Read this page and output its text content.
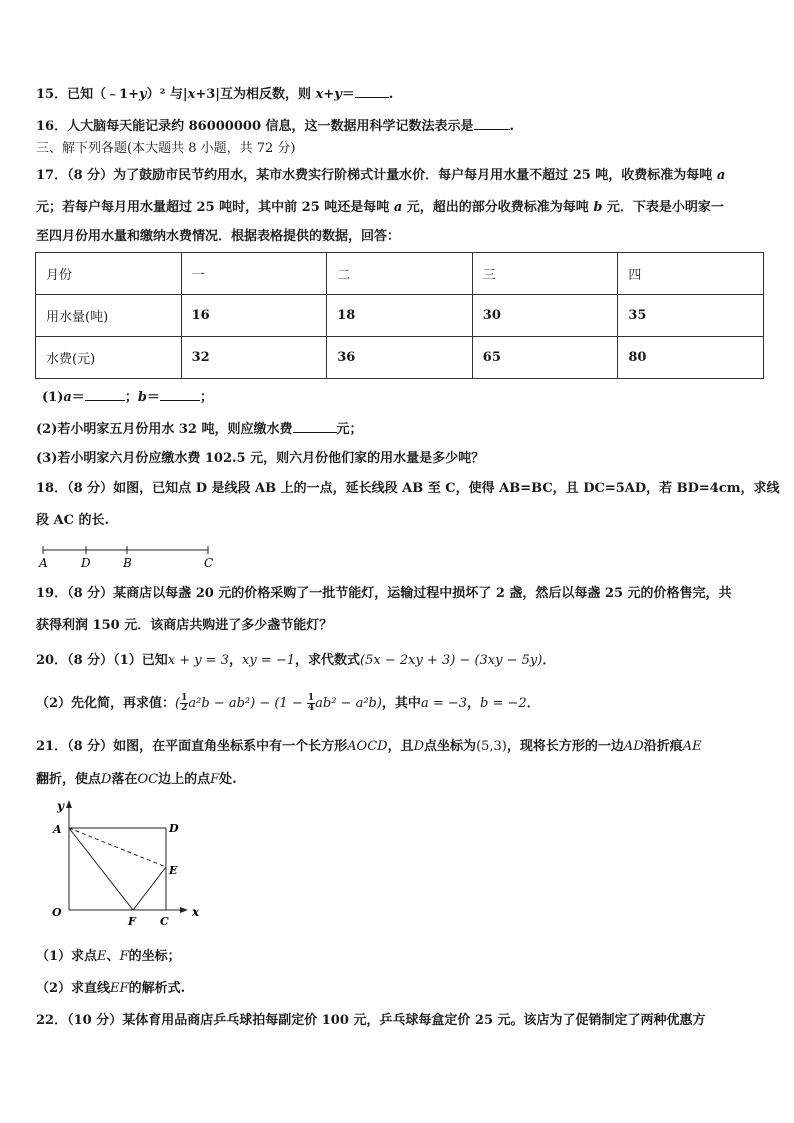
15．已知（﹣1+y）² 与|x+3|互为相反数，则 x+y＝	.
16．人大脑每天能记录约 86000000 信息，这一数据用科学记数法表示是	.
三、解下列各题(本大题共 8 小题，共 72 分)
17．（8 分）为了鼓励市民节约用水，某市水费实行阶梯式计量水价．每户每月用水量不超过 25 吨，收费标准为每吨 a
元；若每户每月用水量超过 25 吨时，其中前 25 吨还是每吨 a 元，超出的部分收费标准为每吨 b 元．下表是小明家一
至四月份用水量和缴纳水费情况．根据表格提供的数据，回答：
月份	一	二	三	四
用水量(吨)	16	18	30	35
水费(元)	32	36	65	80
(1)a＝	；b＝	；
(2)若小明家五月份用水 32 吨，则应缴水费	元；
(3)若小明家六月份应缴水费 102.5 元，则六月份他们家的用水量是多少吨？
18．（8 分）如图，已知点 D 是线段 AB 上的一点，延长线段 AB 至 C，使得 AB=BC，且 DC=5AD，若 BD=4cm，求线
段 AC 的长.
A	D	B	C
19．（8 分）某商店以每盏 20 元的价格采购了一批节能灯，运输过程中损坏了 2 盏，然后以每盏 25 元的价格售完，共
获得利润 150 元．该商店共购进了多少盏节能灯？
20．（8 分）（1）已知x + y = 3，xy = −1，求代数式(5x − 2xy + 3) − (3xy − 5y)．
（2）先化简，再求值：( $\frac{1}{2} a^2b - ab^2) - (1 - \frac{1}{4} ab^2 - a^2b)$，其中a = −3，b = −2．
21．（8 分）如图，在平面直角坐标系中有一个长方形AOCD，且D点坐标为(5,3)，现将长方形的一边AD沿折痕AE
翻折，使点D落在OC边上的点F处.
y
x
A	D
E
O
F C
（1）求点E、F的坐标；
（2）求直线EF的解析式.
22．（10 分）某体育用品商店乒乓球拍每副定价 100 元，乒乓球每盒定价 25 元。该店为了促销制定了两种优惠方
